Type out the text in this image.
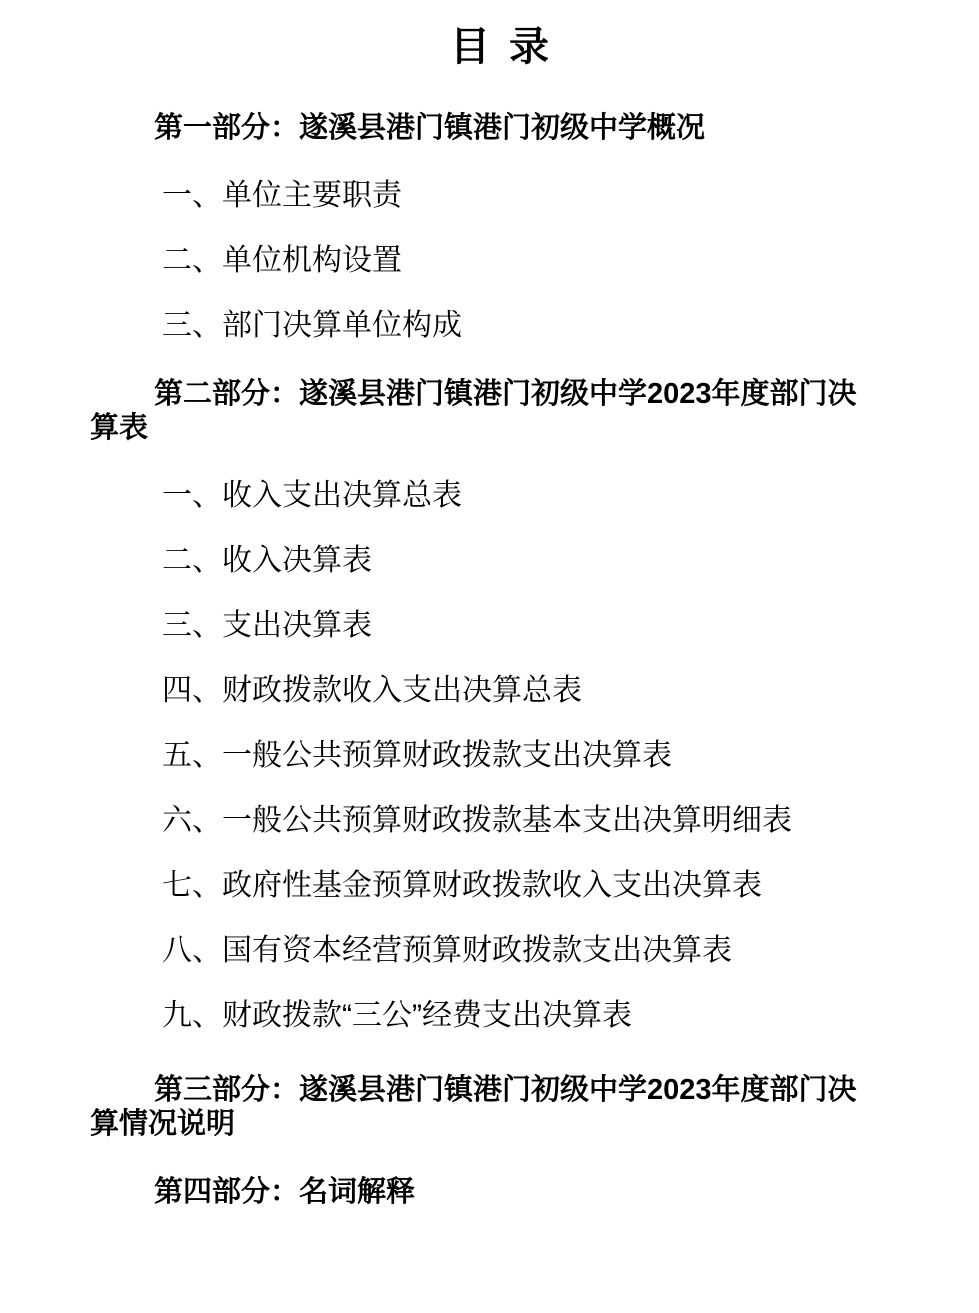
目 录
第一部分：遂溪县港门镇港门初级中学概况
一、单位主要职责
二、单位机构设置
三、部门决算单位构成
第二部分：遂溪县港门镇港门初级中学2023年度部门决
算表
一、收入支出决算总表
二、收入决算表
三、支出决算表
四、财政拨款收入支出决算总表
五、一般公共预算财政拨款支出决算表
六、一般公共预算财政拨款基本支出决算明细表
七、政府性基金预算财政拨款收入支出决算表
八、国有资本经营预算财政拨款支出决算表
九、财政拨款“三公”经费支出决算表
第三部分：遂溪县港门镇港门初级中学2023年度部门决
算情况说明
第四部分：名词解释
